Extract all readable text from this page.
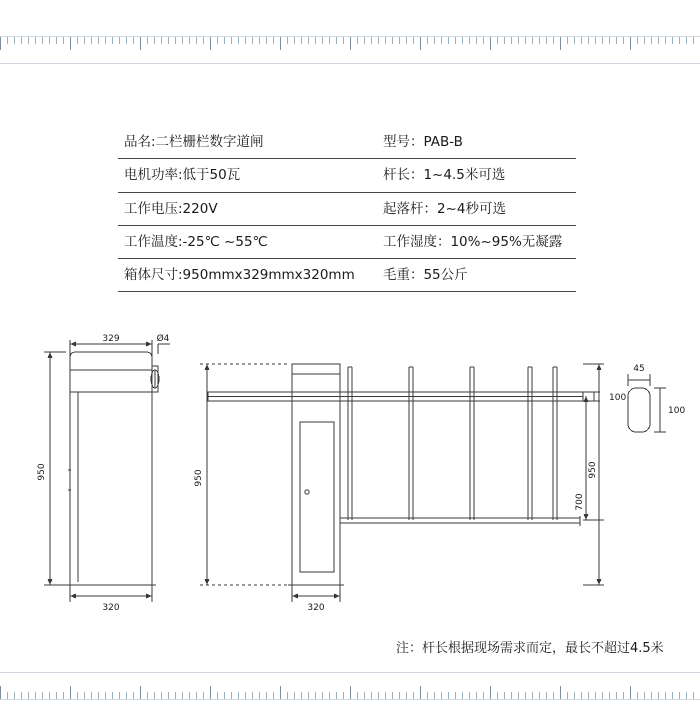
品名:二栏栅栏数字道闸	型号：PAB-B
电机功率:低于50瓦	杆长：1~4.5米可选
工作电压:220V	起落杆：2~4秒可选
工作温度:-25℃ ~55℃	工作湿度：10%~95%无凝露
箱体尺寸:950mmx329mmx320mm	毛重：55公斤
329	Ø4
950
320
950
320
100
950
700
45
100
注：杆长根据现场需求而定，最长不超过4.5米
